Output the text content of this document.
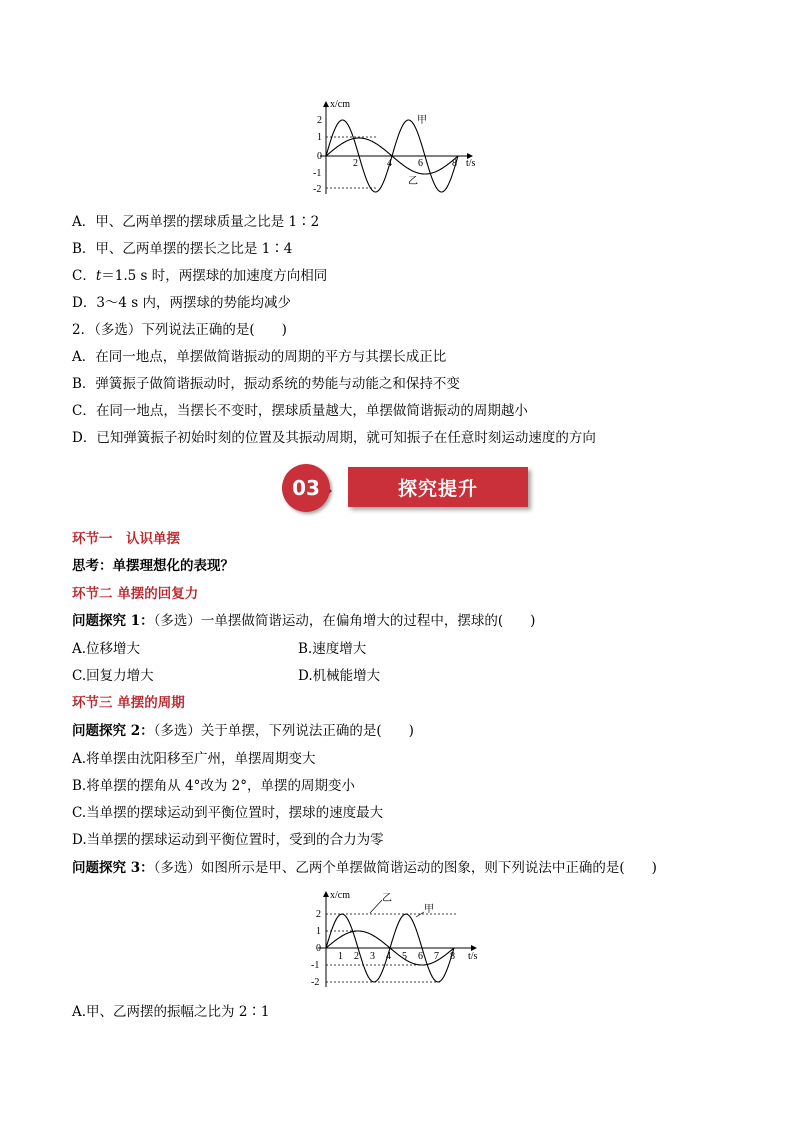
x/cm
t/s
2
1
0
-1
-2
2	4	6	8
甲
乙
A．甲、乙两单摆的摆球质量之比是 1∶2
B．甲、乙两单摆的摆长之比是 1∶4
C．t＝1.5 s 时，两摆球的加速度方向相同
D．3～4 s 内，两摆球的势能均减少
2．（多选）下列说法正确的是(　　)
A．在同一地点，单摆做简谐振动的周期的平方与其摆长成正比
B．弹簧振子做简谐振动时，振动系统的势能与动能之和保持不变
C．在同一地点，当摆长不变时，摆球质量越大，单摆做简谐振动的周期越小
D．已知弹簧振子初始时刻的位置及其振动周期，就可知振子在任意时刻运动速度的方向
03	探究提升
环节一　认识单摆
思考：单摆理想化的表现？
环节二 单摆的回复力
问题探究 1：（多选）一单摆做简谐运动，在偏角增大的过程中，摆球的(　　)
A.位移增大	B.速度增大
C.回复力增大	D.机械能增大
环节三 单摆的周期
问题探究 2：（多选）关于单摆，下列说法正确的是(　　)
A.将单摆由沈阳移至广州，单摆周期变大
B.将单摆的摆角从 4°改为 2°，单摆的周期变小
C.当单摆的摆球运动到平衡位置时，摆球的速度最大
D.当单摆的摆球运动到平衡位置时，受到的合力为零
问题探究 3：（多选）如图所示是甲、乙两个单摆做简谐运动的图象，则下列说法中正确的是(　　)
x/cm
t/s
2
1
0
-1
-2
1 2 3 4 5 6 7 8
乙
甲
A.甲、乙两摆的振幅之比为 2∶1
